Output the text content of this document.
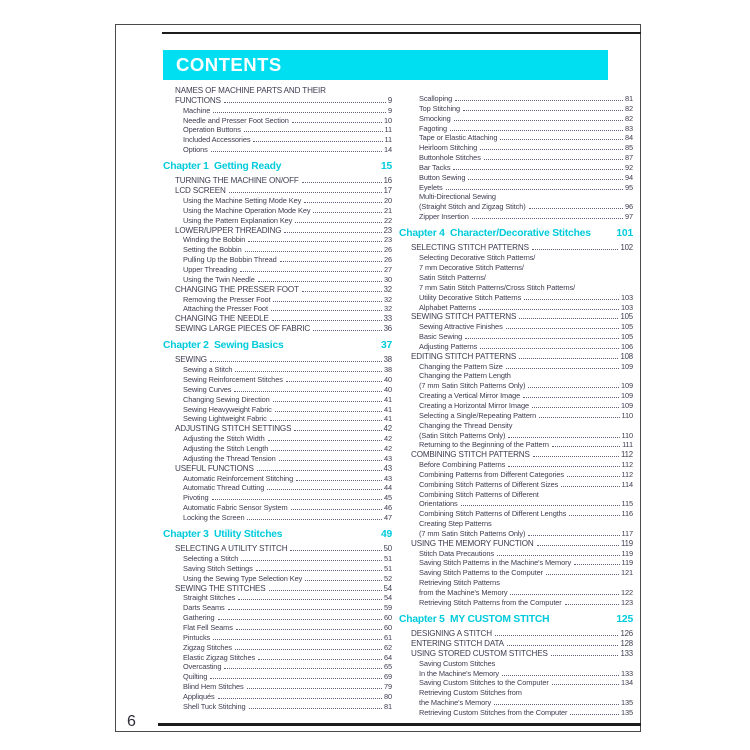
CONTENTS
NAMES OF MACHINE PARTS AND THEIR
FUNCTIONS	9
Machine	9
Needle and Presser Foot Section	10
Operation Buttons	11
Included Accessories	11
Options	14
Chapter 1  Getting Ready	15
TURNING THE MACHINE ON/OFF	16
LCD SCREEN	17
Using the Machine Setting Mode Key	20
Using the Machine Operation Mode Key	21
Using the Pattern Explanation Key	22
LOWER/UPPER THREADING	23
Winding the Bobbin	23
Setting the Bobbin	26
Pulling Up the Bobbin Thread	26
Upper Threading	27
Using the Twin Needle	30
CHANGING THE PRESSER FOOT	32
Removing the Presser Foot	32
Attaching the Presser Foot	32
CHANGING THE NEEDLE	33
SEWING LARGE PIECES OF FABRIC	36
Chapter 2  Sewing Basics	37
SEWING	38
Sewing a Stitch	38
Sewing Reinforcement Stitches	40
Sewing Curves	40
Changing Sewing Direction	41
Sewing Heavyweight Fabric	41
Sewing Lightweight Fabric	41
ADJUSTING STITCH SETTINGS	42
Adjusting the Stitch Width	42
Adjusting the Stitch Length	42
Adjusting the Thread Tension	43
USEFUL FUNCTIONS	43
Automatic Reinforcement Stitching	43
Automatic Thread Cutting	44
Pivoting	45
Automatic Fabric Sensor System	46
Locking the Screen	47
Chapter 3  Utility Stitches	49
SELECTING A UTILITY STITCH	50
Selecting a Stitch	51
Saving Stitch Settings	51
Using the Sewing Type Selection Key	52
SEWING THE STITCHES	54
Straight Stitches	54
Darts Seams	59
Gathering	60
Flat Fell Seams	60
Pintucks	61
Zigzag Stitches	62
Elastic Zigzag Stitches	64
Overcasting	65
Quilting	69
Blind Hem Stitches	79
Appliqués	80
Shell Tuck Stitching	81
Scalloping	81
Top Stitching	82
Smocking	82
Fagoting	83
Tape or Elastic Attaching	84
Heirloom Stitching	85
Buttonhole Stitches	87
Bar Tacks	92
Button Sewing	94
Eyelets	95
Multi-Directional Sewing
(Straight Stitch and Zigzag Stitch)	96
Zipper Insertion	97
Chapter 4  Character/Decorative Stitches 101
SELECTING STITCH PATTERNS	102
Selecting Decorative Stitch Patterns/
7 mm Decorative Stitch Patterns/
Satin Stitch Patterns/
7 mm Satin Stitch Patterns/Cross Stitch Patterns/
Utility Decorative Stitch Patterns	103
Alphabet Patterns	103
SEWING STITCH PATTERNS	105
Sewing Attractive Finishes	105
Basic Sewing	105
Adjusting Patterns	106
EDITING STITCH PATTERNS	108
Changing the Pattern Size	109
Changing the Pattern Length
(7 mm Satin Stitch Patterns Only)	109
Creating a Vertical Mirror Image	109
Creating a Horizontal Mirror Image	109
Selecting a Single/Repeating Pattern	110
Changing the Thread Density
(Satin Stitch Patterns Only)	110
Returning to the Beginning of the Pattern	111
COMBINING STITCH PATTERNS	112
Before Combining Patterns	112
Combining Patterns from Different Categories	112
Combining Stitch Patterns of Different Sizes	114
Combining Stitch Patterns of Different
Orientations	115
Combining Stitch Patterns of Different Lengths	116
Creating Step Patterns
(7 mm Satin Stitch Patterns Only)	117
USING THE MEMORY FUNCTION	119
Stitch Data Precautions	119
Saving Stitch Patterns in the Machine's Memory	119
Saving Stitch Patterns to the Computer	121
Retrieving Stitch Patterns
from the Machine's Memory	122
Retrieving Stitch Patterns from the Computer	123
Chapter 5  MY CUSTOM STITCH	125
DESIGNING A STITCH	126
ENTERING STITCH DATA	128
USING STORED CUSTOM STITCHES	133
Saving Custom Stitches
In the Machine's Memory	133
Saving Custom Stitches to the Computer	134
Retrieving Custom Stitches from
the Machine's Memory	135
Retrieving Custom Stitches from the Computer	135
6
